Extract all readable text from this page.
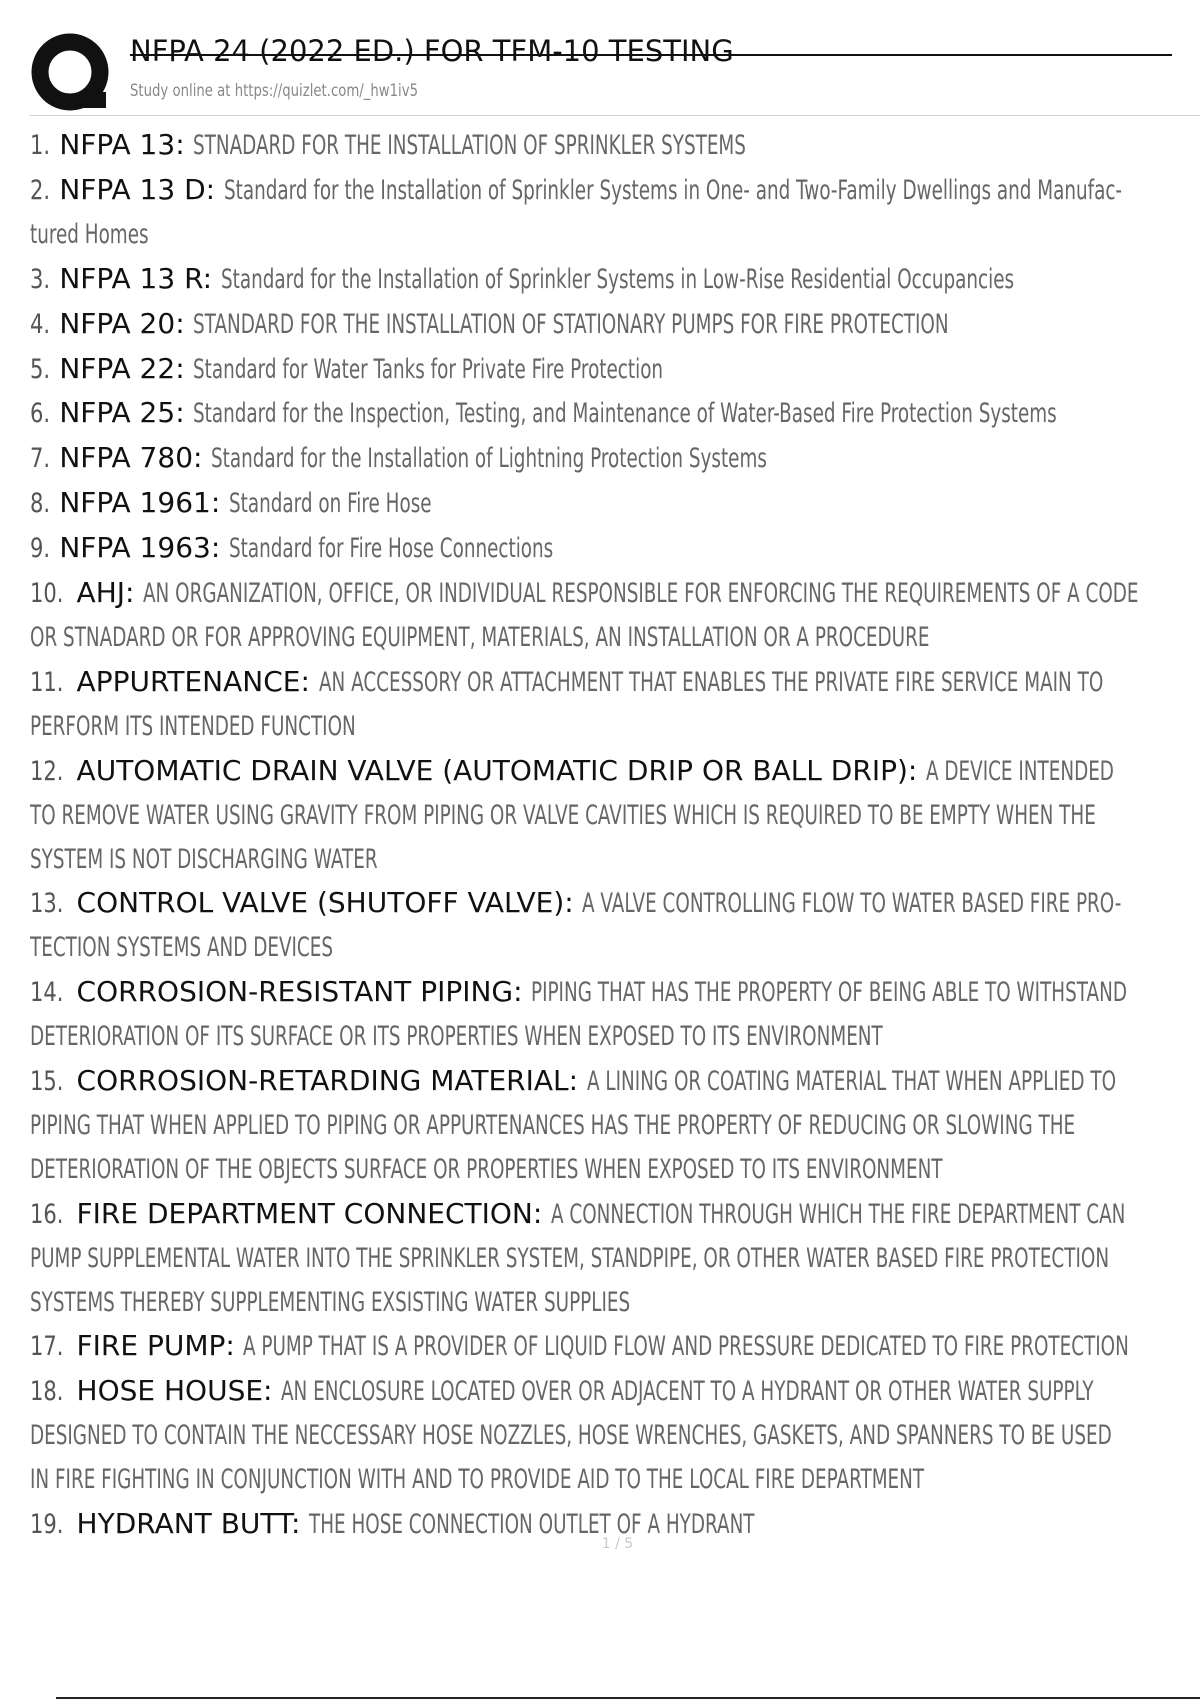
NFPA 24 (2022 ED.) FOR TFM-10 TESTING
Study online at https://quizlet.com/_hw1iv5
1. NFPA 13: STNADARD FOR THE INSTALLATION OF SPRINKLER SYSTEMS
2. NFPA 13 D: Standard for the Installation of Sprinkler Systems in One- and Two-Family Dwellings and Manufac-
tured Homes
3. NFPA 13 R: Standard for the Installation of Sprinkler Systems in Low-Rise Residential Occupancies
4. NFPA 20: STANDARD FOR THE INSTALLATION OF STATIONARY PUMPS FOR FIRE PROTECTION
5. NFPA 22: Standard for Water Tanks for Private Fire Protection
6. NFPA 25: Standard for the Inspection, Testing, and Maintenance of Water-Based Fire Protection Systems
7. NFPA 780: Standard for the Installation of Lightning Protection Systems
8. NFPA 1961: Standard on Fire Hose
9. NFPA 1963: Standard for Fire Hose Connections
10. AHJ: AN ORGANIZATION, OFFICE, OR INDIVIDUAL RESPONSIBLE FOR ENFORCING THE REQUIREMENTS OF A CODE
OR STNADARD OR FOR APPROVING EQUIPMENT, MATERIALS, AN INSTALLATION OR A PROCEDURE
11. APPURTENANCE: AN ACCESSORY OR ATTACHMENT THAT ENABLES THE PRIVATE FIRE SERVICE MAIN TO
PERFORM ITS INTENDED FUNCTION
12. AUTOMATIC DRAIN VALVE (AUTOMATIC DRIP OR BALL DRIP): A DEVICE INTENDED
TO REMOVE WATER USING GRAVITY FROM PIPING OR VALVE CAVITIES WHICH IS REQUIRED TO BE EMPTY WHEN THE
SYSTEM IS NOT DISCHARGING WATER
13. CONTROL VALVE (SHUTOFF VALVE): A VALVE CONTROLLING FLOW TO WATER BASED FIRE PRO-
TECTION SYSTEMS AND DEVICES
14. CORROSION-RESISTANT PIPING: PIPING THAT HAS THE PROPERTY OF BEING ABLE TO WITHSTAND
DETERIORATION OF ITS SURFACE OR ITS PROPERTIES WHEN EXPOSED TO ITS ENVIRONMENT
15. CORROSION-RETARDING MATERIAL: A LINING OR COATING MATERIAL THAT WHEN APPLIED TO
PIPING THAT WHEN APPLIED TO PIPING OR APPURTENANCES HAS THE PROPERTY OF REDUCING OR SLOWING THE
DETERIORATION OF THE OBJECTS SURFACE OR PROPERTIES WHEN EXPOSED TO ITS ENVIRONMENT
16. FIRE DEPARTMENT CONNECTION: A CONNECTION THROUGH WHICH THE FIRE DEPARTMENT CAN
PUMP SUPPLEMENTAL WATER INTO THE SPRINKLER SYSTEM, STANDPIPE, OR OTHER WATER BASED FIRE PROTECTION
SYSTEMS THEREBY SUPPLEMENTING EXSISTING WATER SUPPLIES
17. FIRE PUMP: A PUMP THAT IS A PROVIDER OF LIQUID FLOW AND PRESSURE DEDICATED TO FIRE PROTECTION
18. HOSE HOUSE: AN ENCLOSURE LOCATED OVER OR ADJACENT TO A HYDRANT OR OTHER WATER SUPPLY
DESIGNED TO CONTAIN THE NECCESSARY HOSE NOZZLES, HOSE WRENCHES, GASKETS, AND SPANNERS TO BE USED
IN FIRE FIGHTING IN CONJUNCTION WITH AND TO PROVIDE AID TO THE LOCAL FIRE DEPARTMENT
19. HYDRANT BUTT: THE HOSE CONNECTION OUTLET OF A HYDRANT
1 / 5
